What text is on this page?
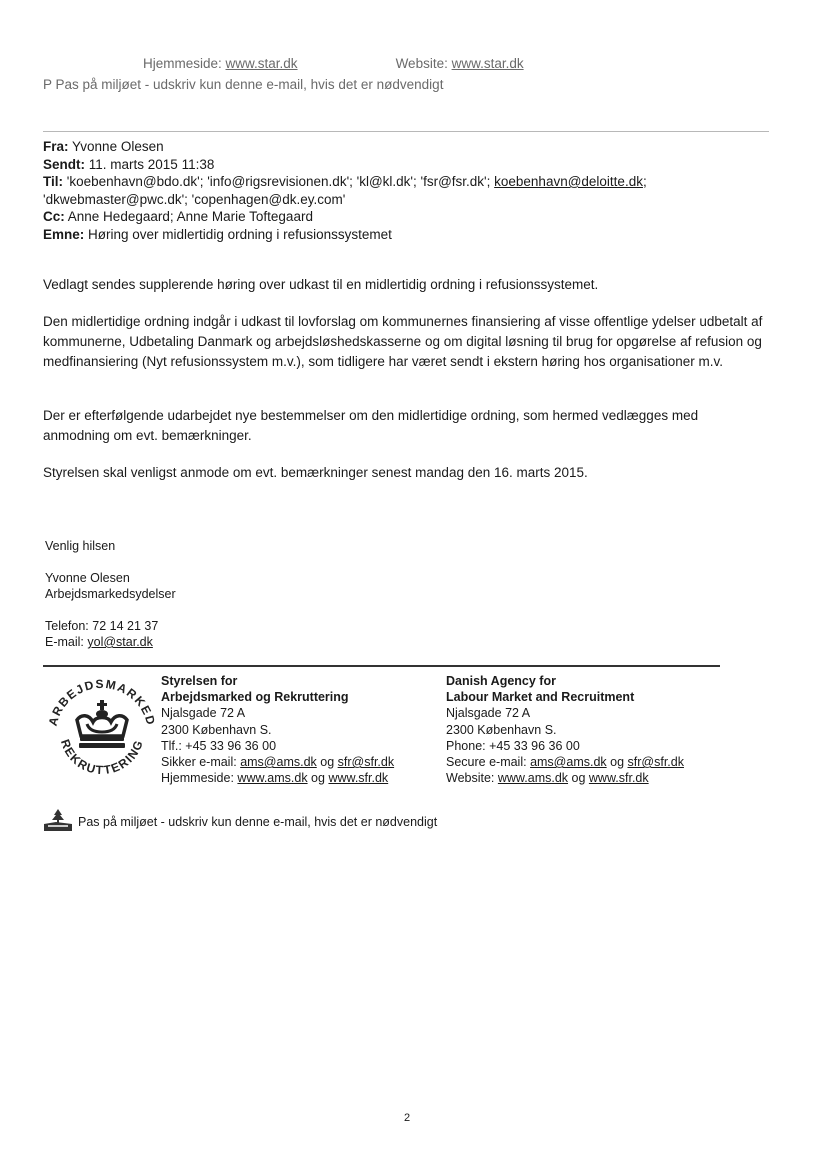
Hjemmeside: www.star.dk	Website: www.star.dk
P Pas på miljøet - udskriv kun denne e-mail, hvis det er nødvendigt
Fra: Yvonne Olesen
Sendt: 11. marts 2015 11:38
Til: 'koebenhavn@bdo.dk'; 'info@rigsrevisionen.dk'; 'kl@kl.dk'; 'fsr@fsr.dk'; koebenhavn@deloitte.dk;
'dkwebmaster@pwc.dk'; 'copenhagen@dk.ey.com'
Cc: Anne Hedegaard; Anne Marie Toftegaard
Emne: Høring over midlertidig ordning i refusionssystemet
Vedlagt sendes supplerende høring over udkast til en midlertidig ordning i refusionssystemet.
Den midlertidige ordning indgår i udkast til lovforslag om kommunernes finansiering af visse offentlige ydelser udbetalt af kommunerne, Udbetaling Danmark og arbejdsløshedskasserne og om digital løsning til brug for opgørelse af refusion og medfinansiering (Nyt refusionssystem m.v.), som tidligere har været sendt i ekstern høring hos organisationer m.v.
Der er efterfølgende udarbejdet nye bestemmelser om den midlertidige ordning, som hermed vedlægges med anmodning om evt. bemærkninger.
Styrelsen skal venligst anmode om evt. bemærkninger senest mandag den 16. marts 2015.
Venlig hilsen
Yvonne Olesen
Arbejdsmarkedsydelser
Telefon: 72 14 21 37
E-mail: yol@star.dk
ARBEJDSMARKED
REKRUTTERING
Styrelsen for
Arbejdsmarked og Rekruttering
Njalsgade 72 A
2300 København S.
Tlf.: +45 33 96 36 00
Sikker e-mail: ams@ams.dk og sfr@sfr.dk
Hjemmeside: www.ams.dk og www.sfr.dk
Danish Agency for
Labour Market and Recruitment
Njalsgade 72 A
2300 København S.
Phone: +45 33 96 36 00
Secure e-mail: ams@ams.dk og sfr@sfr.dk
Website: www.ams.dk og www.sfr.dk
$^{Pas på miljøet - udskriv kun denne e-mail, hvis det er nødvendigt}$
2
